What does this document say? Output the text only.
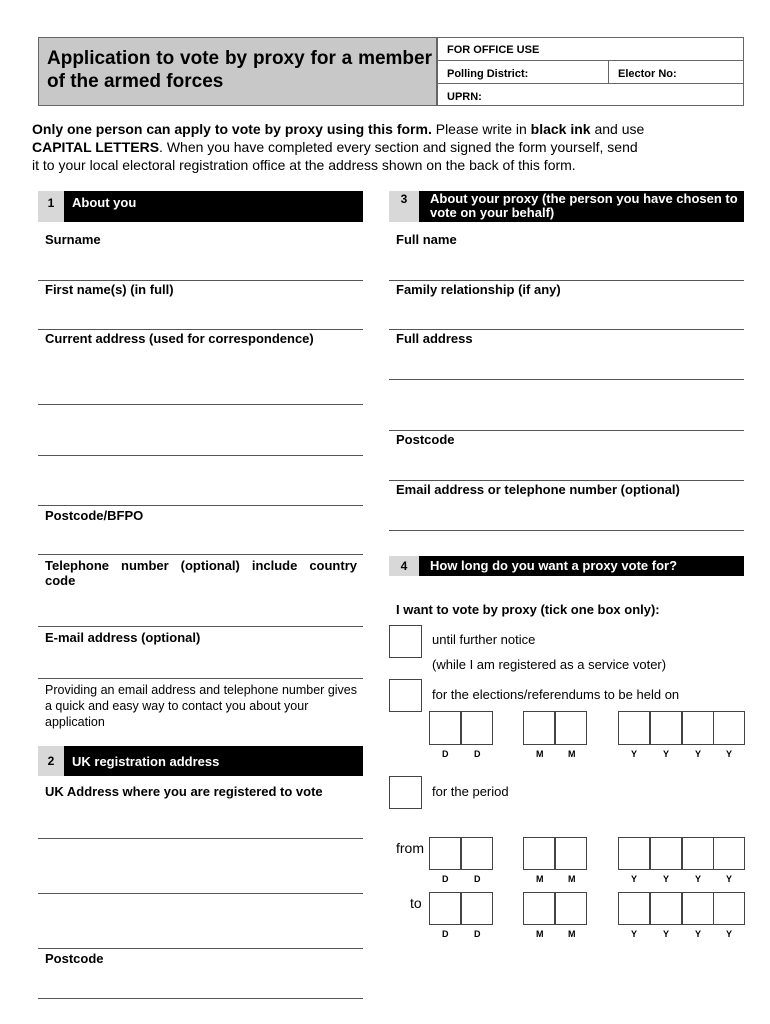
Application to vote by proxy for a member of the armed forces
FOR OFFICE USE
Polling District:	Elector No:
UPRN:
Only one person can apply to vote by proxy using this form. Please write in black ink and use
CAPITAL LETTERS. When you have completed every section and signed the form yourself, send
it to your local electoral registration office at the address shown on the back of this form.
1	About you
Surname
First name(s) (in full)
Current address (used for correspondence)
Postcode/BFPO
Telephone number (optional) include country code
E-mail address (optional)
Providing an email address and telephone number gives a quick and easy way to contact you about your application
2	UK registration address
UK Address where you are registered to vote
Postcode
3	About your proxy (the person you have chosen to vote on your behalf)
Full name
Family relationship (if any)
Full address
Postcode
Email address or telephone number (optional)
4	How long do you want a proxy vote for?
I want to vote by proxy (tick one box only):
until further notice
(while I am registered as a service voter)
for the elections/referendums to be held on
for the period
from
to
D	D	M	M	Y	Y	Y	Y
D	D	M	M	Y	Y	Y	Y
D	D	M	M	Y	Y	Y	Y
